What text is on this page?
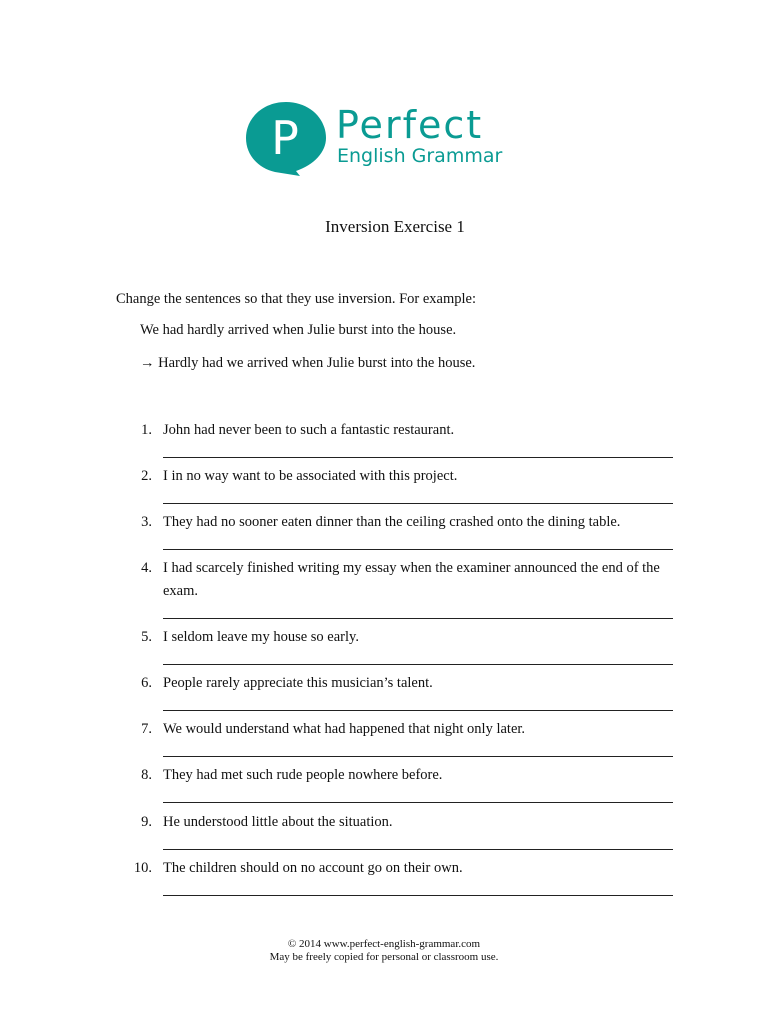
P Perfect
English Grammar
Inversion Exercise 1
Change the sentences so that they use inversion. For example:
We had hardly arrived when Julie burst into the house.
→ Hardly had we arrived when Julie burst into the house.
1. John had never been to such a fantastic restaurant.
2. I in no way want to be associated with this project.
3. They had no sooner eaten dinner than the ceiling crashed onto the dining table.
4. I had scarcely finished writing my essay when the examiner announced the end of the exam.
5. I seldom leave my house so early.
6. People rarely appreciate this musician’s talent.
7. We would understand what had happened that night only later.
8. They had met such rude people nowhere before.
9. He understood little about the situation.
10. The children should on no account go on their own.
© 2014 www.perfect-english-grammar.com
May be freely copied for personal or classroom use.
